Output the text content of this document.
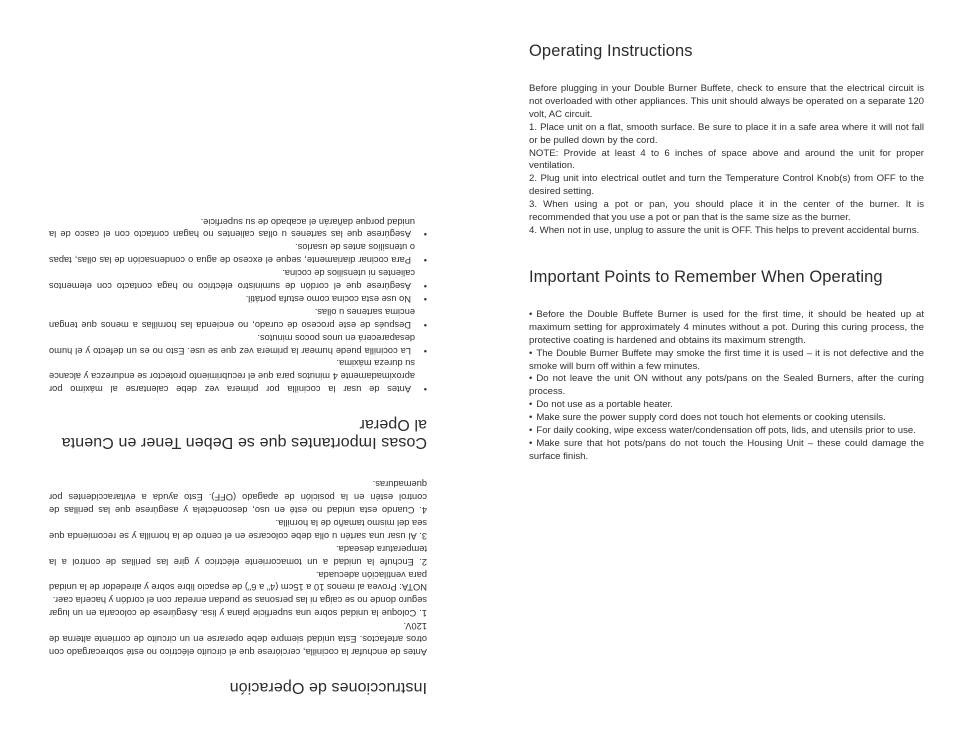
Instrucciones de Operación

Antes de enchufar la cocinilla, cerciórese que el circuito eléctrico no esté sobrecargado con otros artefactos. Esta unidad siempre debe operarse en un circuito de corriente alterna de 120V.

1. Coloque la unidad sobre una superficie plana y lisa. Asegúrese de colocarla en un lugar seguro donde no se caiga ni las personas se puedan enredar con el cordón y hacerla caer.

NOTA: Provea al menos 10 a 15cm (4" a 6") de espacio libre sobre y alrededor de la unidad para ventilación adecuada.

2. Enchufe la unidad a un tomacorriente eléctrico y gire las perillas de control a la temperatura deseada.

3. Al usar una sartén u olla debe colocarse en el centro de la hornilla y se recomienda que sea del mismo tamaño de la hornilla.

4. Cuando esta unidad no esté en uso, desconéctela y asegúrese que las perillas de control estén en la posición de apagado (OFF). Esto ayuda a evitaraccidentes por quemaduras.

Cosas Importantes que se Deben Tener en Cuenta al Operar
•Antes de usar la cocinilla por primera vez debe calentarse al máximo por aproximadamente 4 minutos para que el recubrimiento protector se endurezca y alcance su dureza máxima.
•La cocinilla puede humear la primera vez que se use. Esto no es un defecto y el humo desaparecerá en unos pocos minutos.
•Después de este proceso de curado, no encienda las hornillas a menos que tengan encima sartenes u ollas.
•No use esta cocina como estufa portátil.
•Asegúrese que el cordón de suministro eléctrico no haga contacto con elementos calientes ni utensilios de cocina.
•Para cocinar diariamente, seque el exceso de agua o condensación de las ollas, tapas o utensilios antes de usarlos.
•Asegúrese que las sartenes u ollas calientes no hagan contacto con el casco de la unidad porque dañarán el acabado de su superficie.
Operating Instructions

Before plugging in your Double Burner Buffete, check to ensure that the electrical circuit is not overloaded with other appliances. This unit should always be operated on a separate 120 volt, AC circuit.

1. Place unit on a flat, smooth surface. Be sure to place it in a safe area where it will not fall or be pulled down by the cord.

NOTE: Provide at least 4 to 6 inches of space above and around the unit for proper ventilation.

2. Plug unit into electrical outlet and turn the Temperature Control Knob(s) from OFF to the desired setting.

3. When using a pot or pan, you should place it in the center of the burner. It is recommended that you use a pot or pan that is the same size as the burner.

4. When not in use, unplug to assure the unit is OFF. This helps to prevent accidental burns.

Important Points to Remember When Operating
• Before the Double Buffete Burner is used for the first time, it should be heated up at maximum setting for approximately 4 minutes without a pot. During this curing process, the protective coating is hardened and obtains its maximum strength.
• The Double Burner Buffete may smoke the first time it is used – it is not defective and the smoke will burn off within a few minutes.
• Do not leave the unit ON without any pots/pans on the Sealed Burners, after the curing process.
• Do not use as a portable heater.
• Make sure the power supply cord does not touch hot elements or cooking utensils.
• For daily cooking, wipe excess water/condensation off pots, lids, and utensils prior to use.
• Make sure that hot pots/pans do not touch the Housing Unit – these could damage the surface finish.
